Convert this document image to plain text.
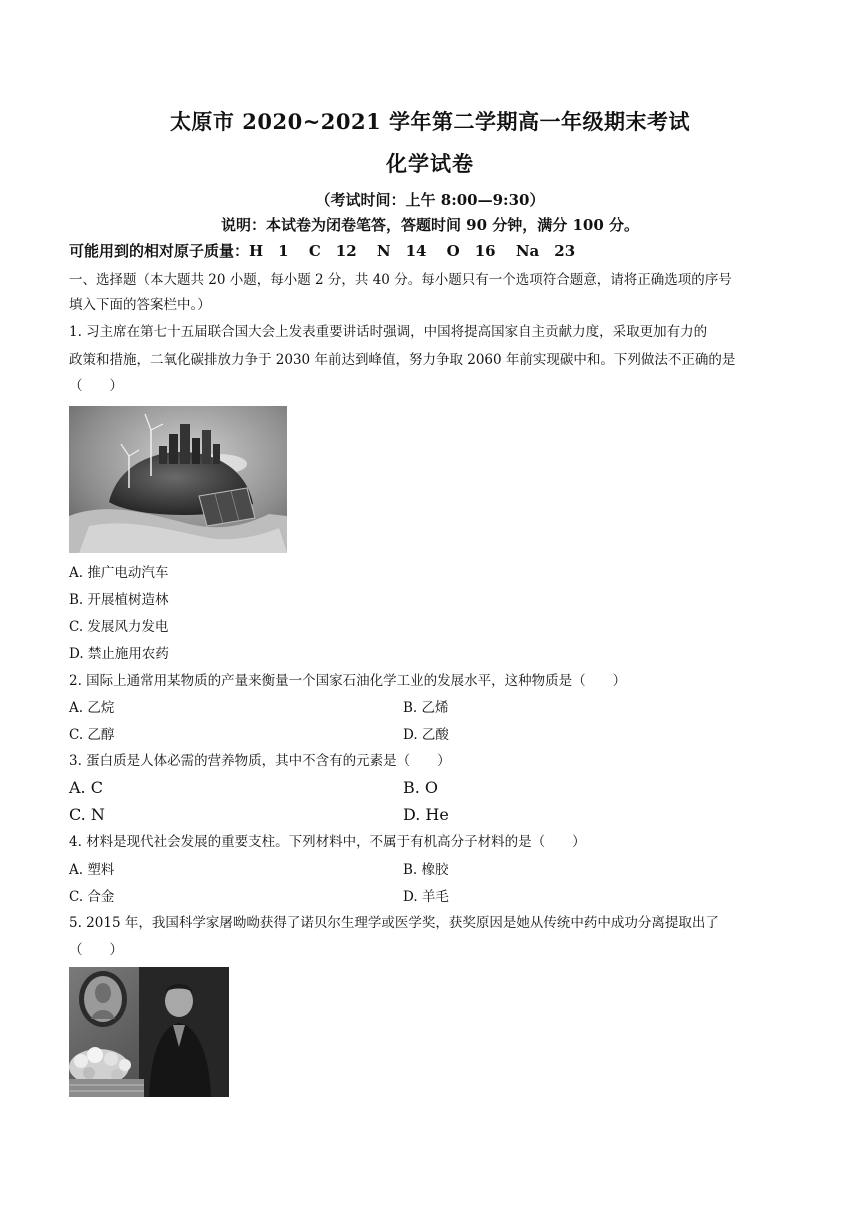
太原市 2020~2021 学年第二学期高一年级期末考试
化学试卷
（考试时间：上午 8:00—9:30）
说明：本试卷为闭卷笔答，答题时间 90 分钟，满分 100 分。
可能用到的相对原子质量：H　1　 C　12　 N　14　 O　16　 Na　23
一、选择题（本大题共 20 小题，每小题 2 分，共 40 分。每小题只有一个选项符合题意，请将正确选项的序号
填入下面的答案栏中。）
1. 习主席在第七十五届联合国大会上发表重要讲话时强调，中国将提高国家自主贡献力度，采取更加有力的
政策和措施，二氧化碳排放力争于 2030 年前达到峰值，努力争取 2060 年前实现碳中和。下列做法不正确的是
（　　）
A. 推广电动汽车
B. 开展植树造林
C. 发展风力发电
D. 禁止施用农药
2. 国际上通常用某物质的产量来衡量一个国家石油化学工业的发展水平，这种物质是（　　）
A. 乙烷	B. 乙烯
C. 乙醇	D. 乙酸
3. 蛋白质是人体必需的营养物质，其中不含有的元素是（　　）
A. C	B. O
C. N	D. He
4. 材料是现代社会发展的重要支柱。下列材料中，不属于有机高分子材料的是（　　）
A. 塑料	B. 橡胶
C. 合金	D. 羊毛
5. 2015 年，我国科学家屠呦呦获得了诺贝尔生理学或医学奖，获奖原因是她从传统中药中成功分离提取出了
（　　）
